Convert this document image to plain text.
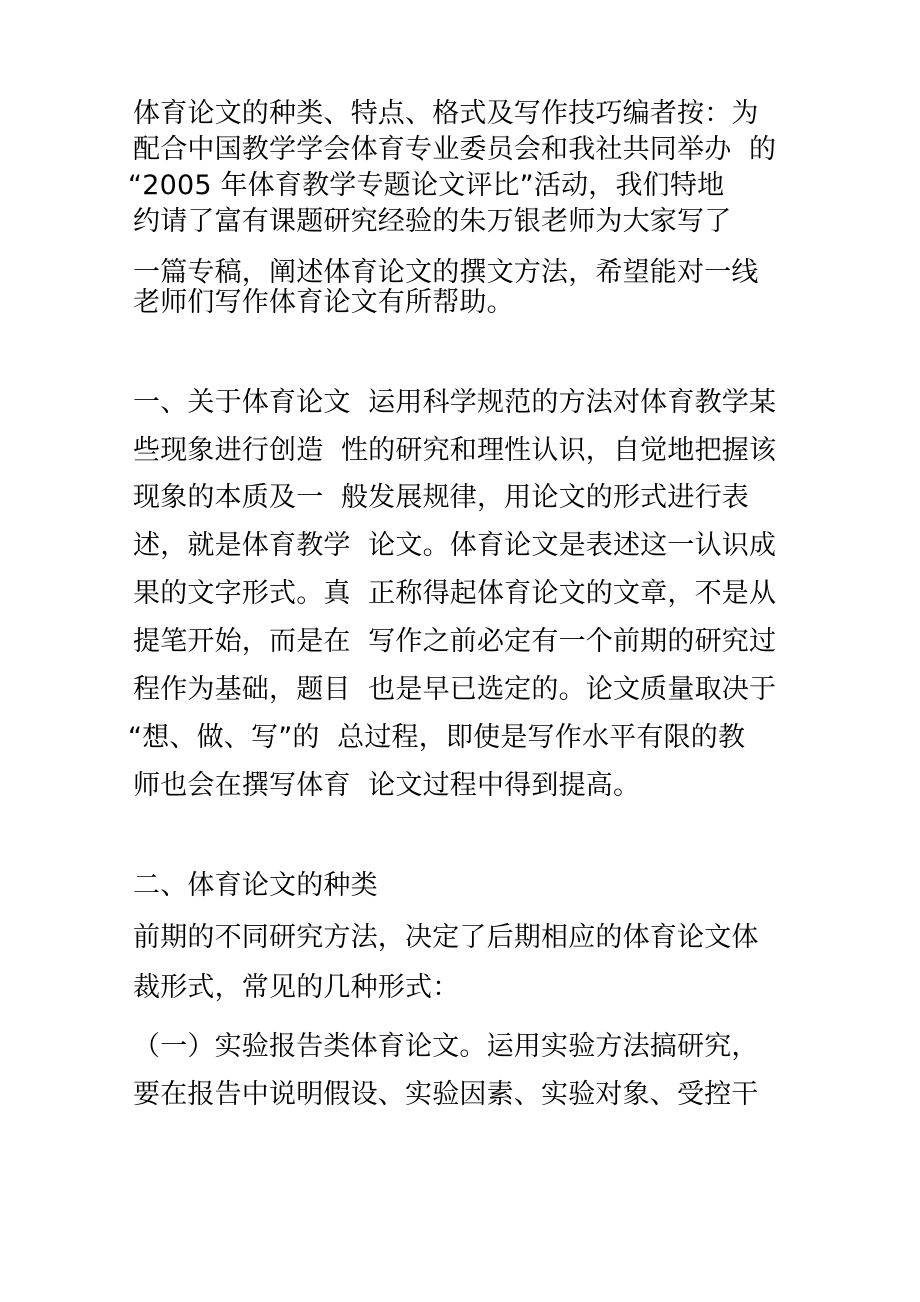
体育论文的种类、特点、格式及写作技巧编者按：为
配合中国教学学会体育专业委员会和我社共同举办  的
“2005 年体育教学专题论文评比”活动，我们特地
约请了富有课题研究经验的朱万银老师为大家写了
一篇专稿，阐述体育论文的撰文方法，希望能对一线
老师们写作体育论文有所帮助。
一、关于体育论文  运用科学规范的方法对体育教学某
些现象进行创造  性的研究和理性认识，自觉地把握该
现象的本质及一  般发展规律，用论文的形式进行表
述，就是体育教学  论文。体育论文是表述这一认识成
果的文字形式。真  正称得起体育论文的文章，不是从
提笔开始，而是在  写作之前必定有一个前期的研究过
程作为基础，题目  也是早已选定的。论文质量取决于
“想、做、写”的  总过程，即使是写作水平有限的教
师也会在撰写体育  论文过程中得到提高。
二、体育论文的种类
前期的不同研究方法，决定了后期相应的体育论文体
裁形式，常见的几种形式：
（一）实验报告类体育论文。运用实验方法搞研究，
要在报告中说明假设、实验因素、实验对象、受控干
